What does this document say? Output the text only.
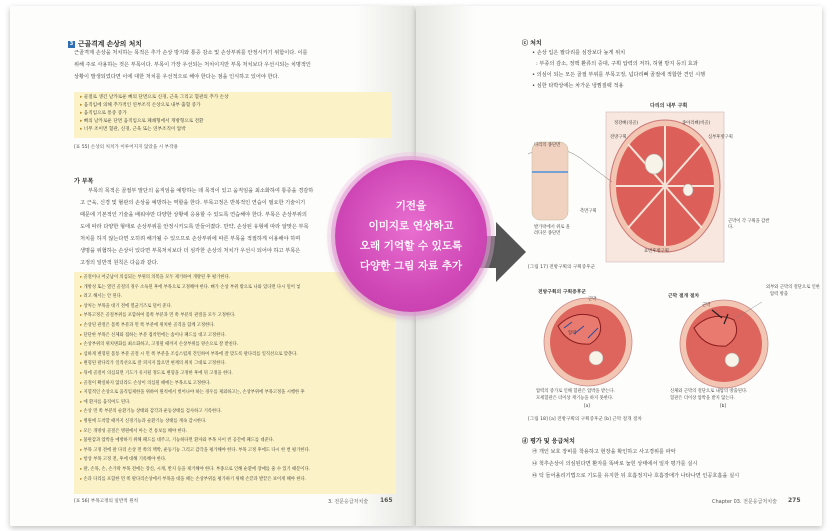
3 근골격계 손상의 처치
근골격계 손상을 처치하는 목적은 추가 손상 방지와 통증 감소 및 손상부위를 안정시키기 위함이다. 이를
위해 주로 사용하는 것은 부목이다. 부목이 가장 우선되는 처치이지만 부목 처치보다 우선시되는 치명적인
상황이 발생되었다면 이에 대한 처치를 우선적으로 해야 한다는 점을 인식하고 있어야 한다.
▸ 골절로 생긴 날카로운 뼈의 단면으로 신경, 근육 그리고 혈관의 추가 손상
▸ 움직임에 의해 추가적인 연부조직 손상으로 내부 출혈 증가
▸ 움직임으로 통증 증가
▸ 뼈의 날카로운 단면 움직임으로 폐쇄형에서 개방형으로 전환
▸ 너무 조이면 혈관, 신경, 근육 또는 연부조직이 압박
[표 55] 손상의 처치가 이루어지지 않았을 시 부작용
가 부목
부목의 목적은 골절부 말단의 움직임을 예방하는 데 목적이 있고 움직임을 최소화하여 통증을 경감하
고 근육, 신경 및 혈관의 손상을 예방하는 역할을 한다. 부목고정은 반복적인 연습이 필요한 기술이기
때문에 기본적인 기술을 배워야만 다양한 상황에 응용할 수 있도록 연습해야 한다. 부목은 손상부위의
도에 따라 다양한 형태로 손상부위를 안정시키도록 만들어졌다. 만약, 손상된 유형에 따라 알맞은 부목
처치를 하지 않는다면 오히려 해가될 수 있으므로 손상부위에 따른 부목을 적절하게 이용해야 하며
생명을 위협하는 손상이 있다면 부목처치보다 더 심각한 손상의 처치가 우선시 되어야 하고 부목은
고정의 일반적 원칙은 다음과 같다.
▸ 골절이나 어긋남이 의심되는 부위의 의복을 모두 제거하여 개방된 후 평가한다.
▸ 개방성 또는 열린 골절의 경우 소독된 후에 부목으로 고정해야 한다. 뼈가 손상 부위 밖으로 나와 있다면 다시 밀어 넣
▸ 려고 해서는 안 된다.
▸ 상처는 부목을 대기 전에 멸균거즈로 덮어 준다.
▸ 부목고정은 골절부위를 포함하여 몸쪽 부분과 먼 쪽 부분의 관절을 모두 고정한다.
▸ 손상된 관절은 몸쪽 부분과 먼 쪽 부분에 위치한 골격을 함께 고정한다.
▸ 단단한 부목은 신체와 접하는 부분 접착면에는 솜이나 패드를 대고 고정한다.
▸ 손상부위의 위치변화를 최소화하고, 고정될 때까지 손상부위를 양손으로 잘 받친다.
▸ 심하게 변형된 몸통 부분 골절 시 먼 쪽 부분을 조심스럽게 견인하여 부목에 잘 맞도록 팔다리를 일직선으로 맞춘다.
▸ 변형된 팔다리가 일직선으로 잘 펴지지 않으면 현재의 위치 그대로 고정한다.
▸ 뒤에 골절이 의심되면 기도가 유지될 정도로 변형을 고정한 후에 뒤 고정을 한다.
▸ 골절이 확실하지 않더라도 손상이 의심될 때에는 부목으로 고정한다.
▸ 지혈적인 손상으로 움직임제한을 위하여 원칙에서 벗어나야 하는 경우를 제외하고는, 손상부위에 부목고정을 시행한 후
▸ 에 환자를 움직여도 된다.
▸ 손상 먼 쪽 부분의 순환기능 상태와 감각과 운동상태를 검사하고 기록한다.
▸ 병원에 도착할 때까지 신경기능과 순환기능 상태를 계속 감시한다.
▸ 모든 개방성 골절은 병원에서 아는 건 통보를 해야 한다.
▸ 불편감과 압박을 예방하기 위해 패드를 대주고, 기능하다면 환자와 부목 사이 빈 공간에 패드를 대준다.
▸ 부목 고정 전에 팔 다리 손상 먼 쪽의 맥박, 운동기능 그리고 감각을 평가해야 한다. 부목 고정 후에도 다시 한 번 평가한다.
▸ 항상 부목 고정 전, 후에 대해 기록해야 한다.
▸ 팔, 손목, 손, 손가락 부목 전에는 장신, 시계, 반지 등을 제거해야 한다. 부종으로 인해 순환에 장애를 줄 수 있기 때문이다.
▸ 손과 다리를 포함한 먼 쪽 팔다리손상에서 부목을 대을 때는 손상부위를 평가하기 위해 손끝과 발끝은 보이게 해야 한다.
[표 56] 부목고정의 일반적 원칙	3. 전문응급처치술 165
ⓒ 처치
• 손상 입은 팔다리를 심장보다 높게 위치
: 부종의 감소, 정맥 환류의 증대, 구획 압력의 저하, 허혈 방지 등의 효과
• 의심이 되는 모든 골절 부위를 부목고정, 넙다리뼈 골절에 적합한 견인 시행
• 심한 타박상에는 차가운 냉찜질팩 적용
다리의 내부 구획
정강뼈(경골)	종아리뼈(비골)
전방구획	심부후방구획
측면구획
표면후방구획
다리의 종단면
발가락에서 위로 올려다본 종단면
근막이 각 구획을 감싼다.
[그림 17] 전방구획의 구획증후군
전방구획의 구획증후군
근막
압력
압력의 증가로 인해 혈관은 압박을 받는다.
모세혈관은 더이상 재기능을 하지 못한다.
[a]
근막 절개 절차
외부와 근막의 절단으로 인한
압력 방출
근막
신체와 근막의 절단으로 내압의 방출된다.
혈관은 더이상 압박을 받지 않는다.
[b]
[그림 18] [a] 전방구획의 구획증후군 [b] 근막 절개 절차
ⓓ 평가 및 응급처치
㉮ 개인 보호 장비를 착용하고 현장을 확인하고 사고경위를 파악
㉯ 척추손상이 의심된다면 환자를 똑바로 눕힌 상태에서 일자 평가를 실시
㉰ 턱 들어올리기법으로 기도를 유지한 뒤 호흡정지나 호흡장애가 나타나면 인공호흡을 실시
Chapter 03. 전문응급처치술 275
기전을
이미지로 연상하고
오래 기억할 수 있도록
다양한 그림 자료 추가
